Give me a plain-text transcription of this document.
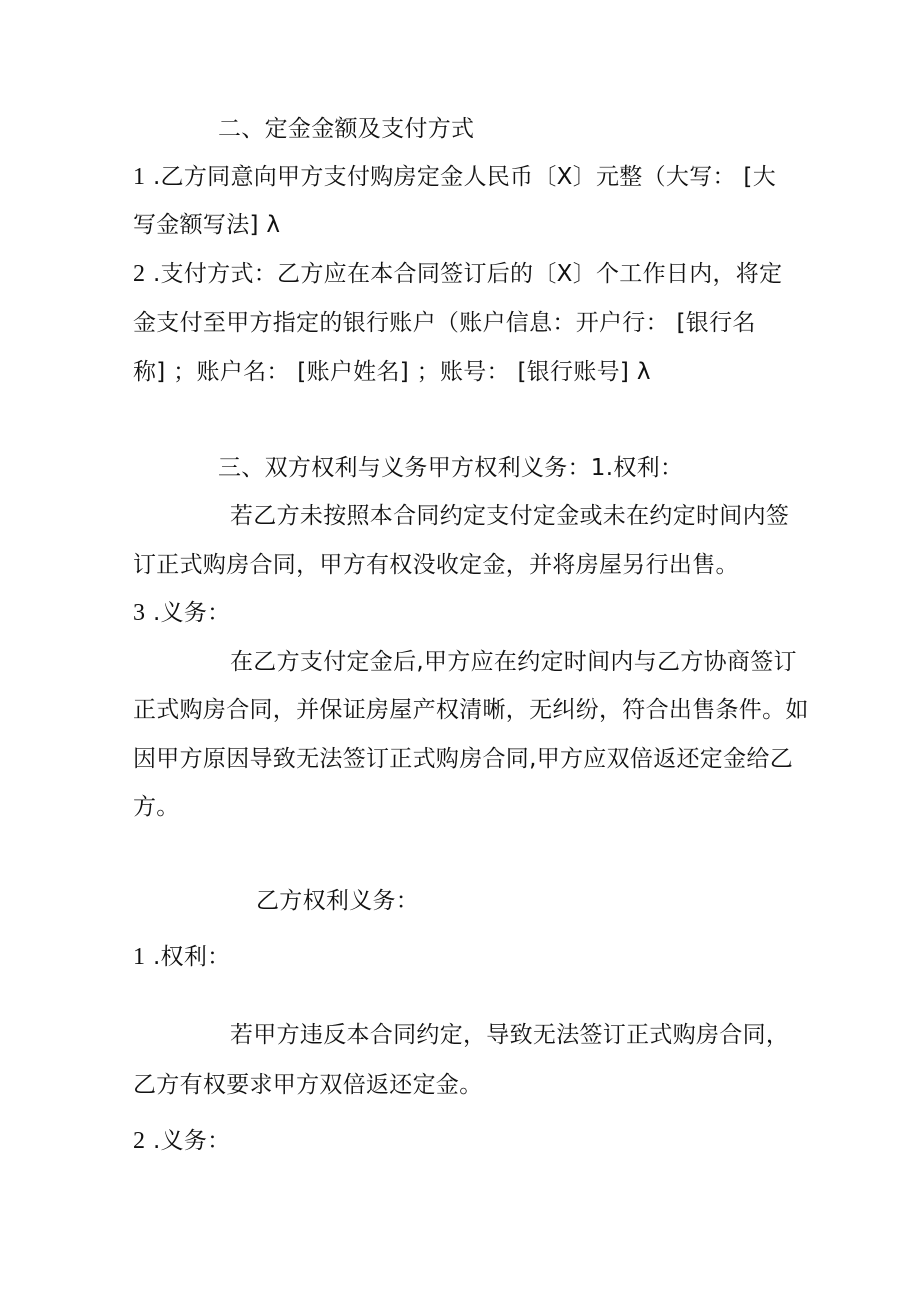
二、定金金额及支付方式
1 .乙方同意向甲方支付购房定金人民币〔X〕元整（大写： [大
写金额写法] λ
2 .支付方式：乙方应在本合同签订后的〔X〕个工作日内，将定
金支付至甲方指定的银行账户（账户信息：开户行： [银行名
称] ；账户名： [账户姓名] ；账号： [银行账号] λ
三、双方权利与义务甲方权利义务：1.权利：
若乙方未按照本合同约定支付定金或未在约定时间内签
订正式购房合同，甲方有权没收定金，并将房屋另行出售。
3 .义务：
在乙方支付定金后,甲方应在约定时间内与乙方协商签订
正式购房合同，并保证房屋产权清晰，无纠纷，符合出售条件。如
因甲方原因导致无法签订正式购房合同,甲方应双倍返还定金给乙
方。
乙方权利义务：
1 .权利：
若甲方违反本合同约定，导致无法签订正式购房合同，
乙方有权要求甲方双倍返还定金。
2 .义务：
